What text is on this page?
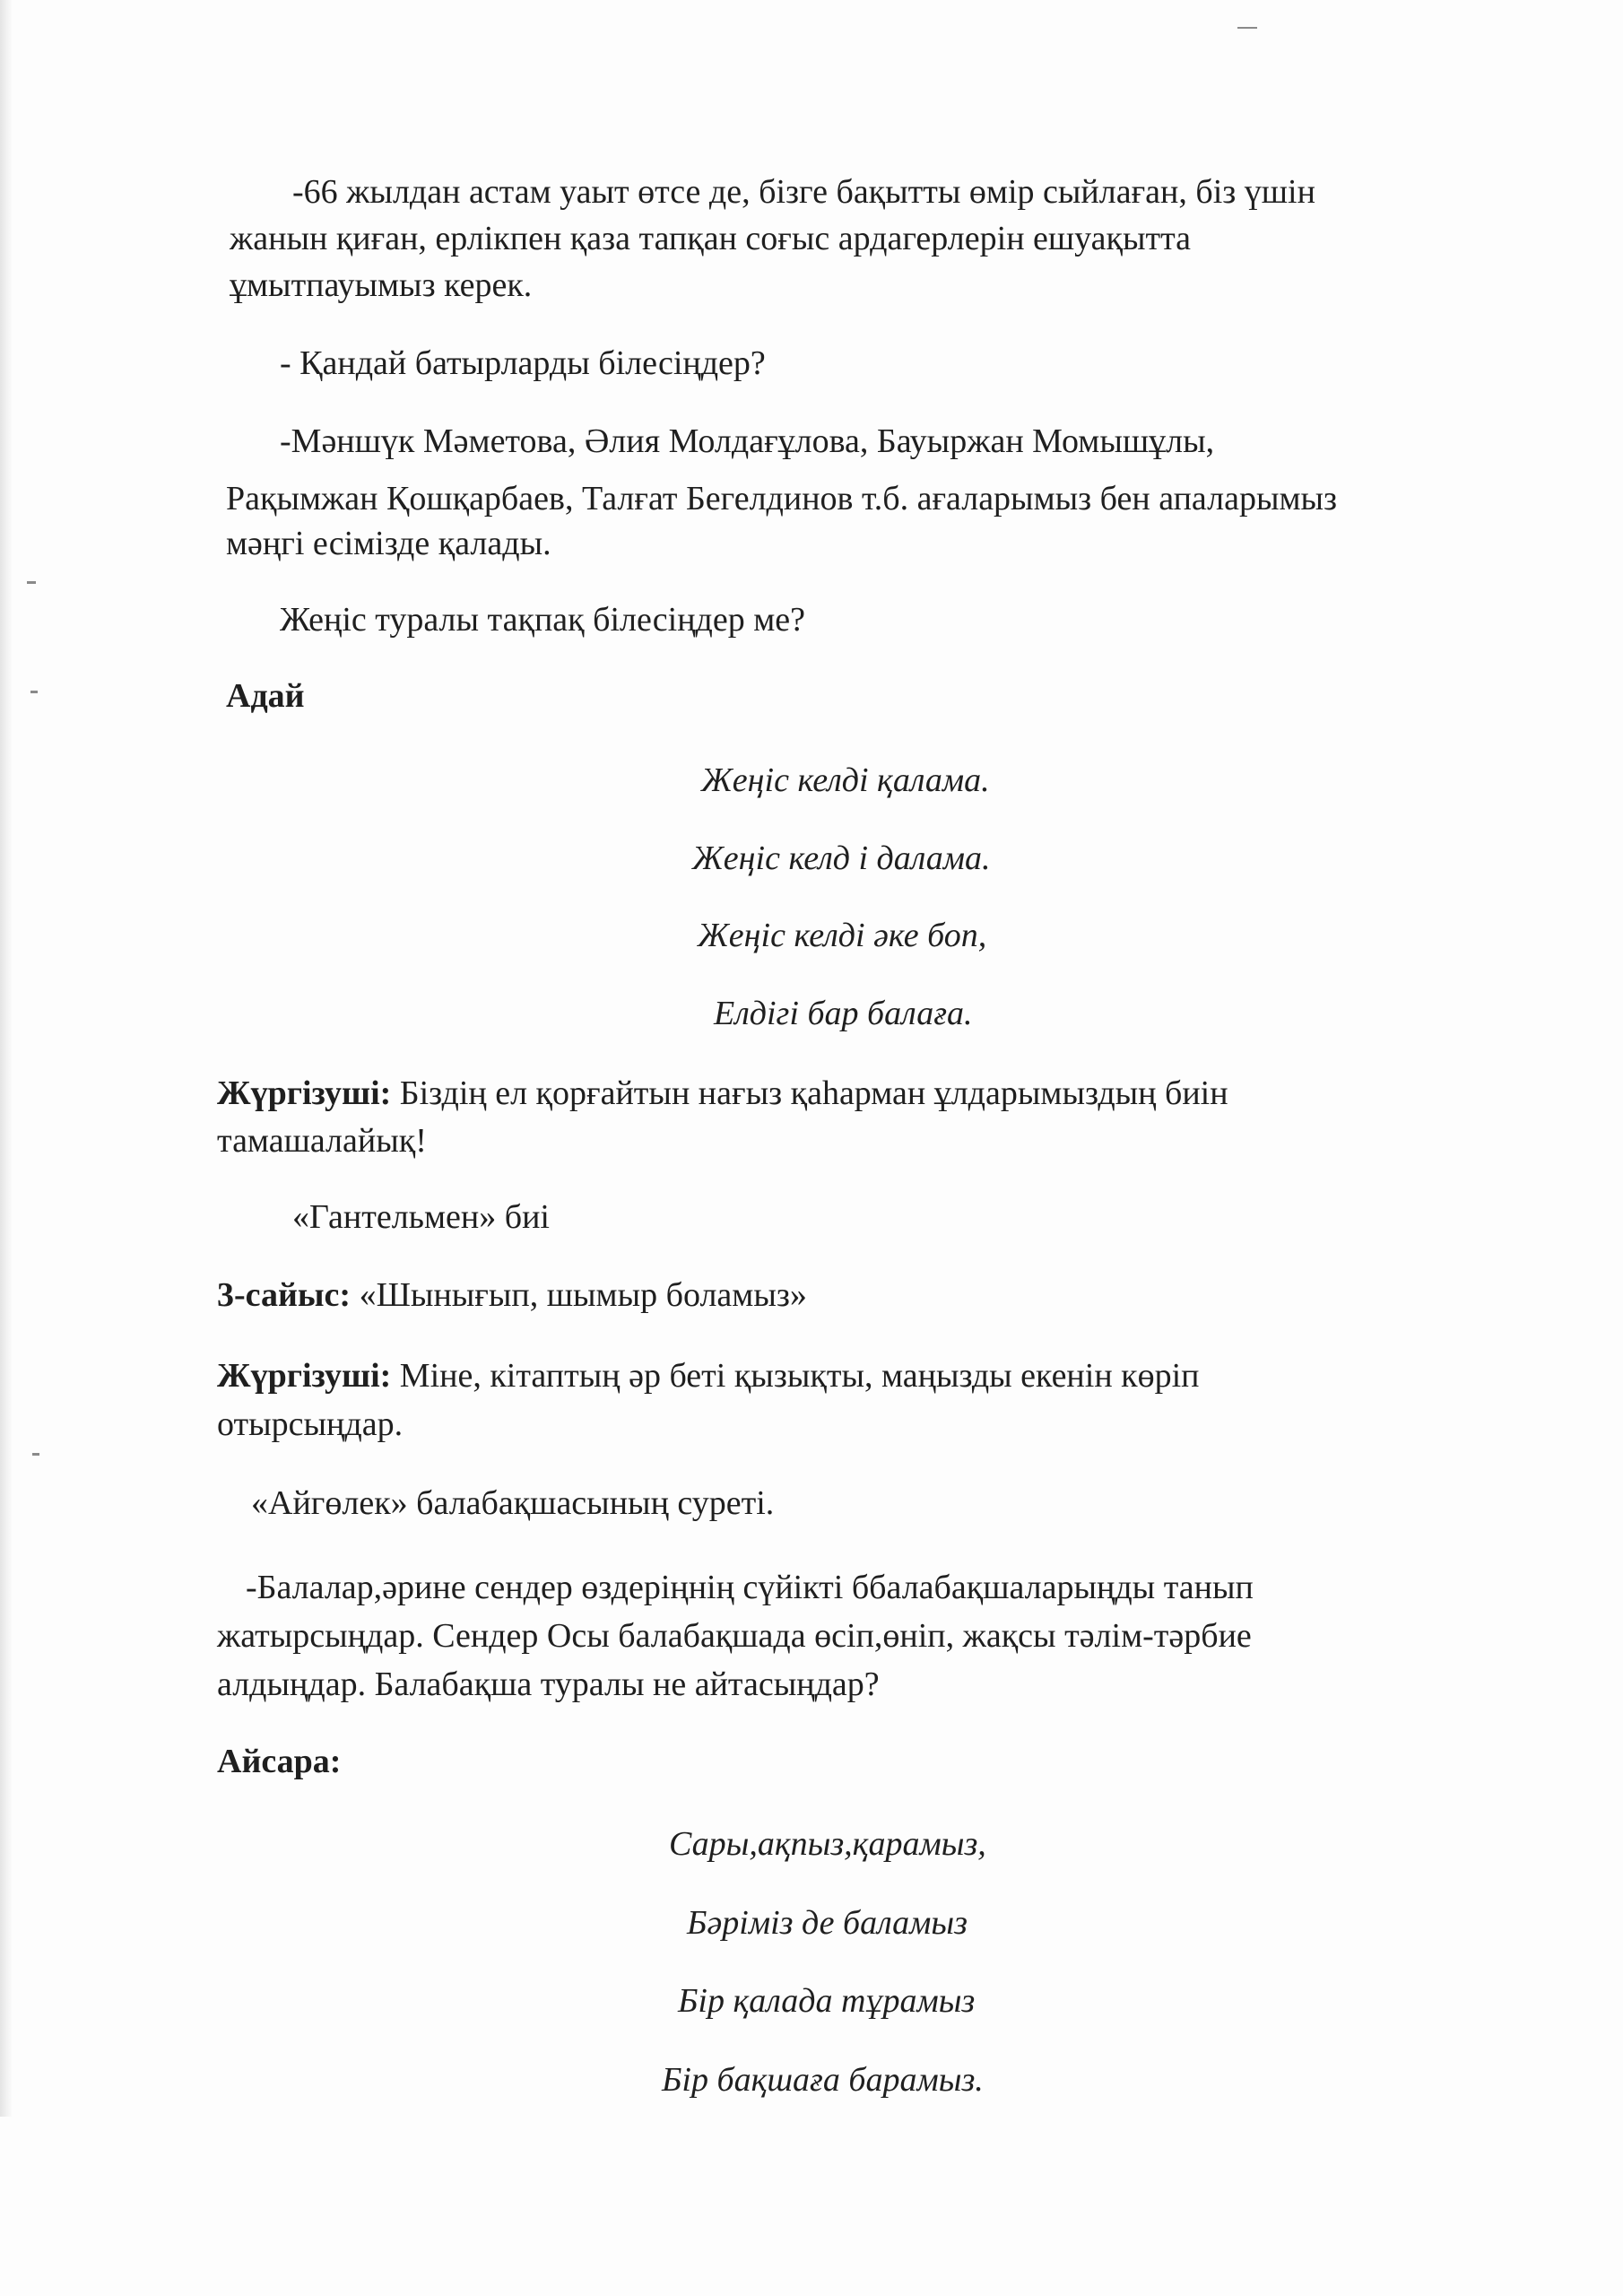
-66 жылдан астам уаыт өтсе де, бізге бақытты өмір сыйлаған, біз үшін
жанын қиған, ерлікпен қаза тапқан соғыс ардагерлерін ешуақытта
ұмытпауымыз керек.
- Қандай батырларды білесіңдер?
-Мәншүк Мәметова, Әлия Молдағұлова, Бауыржан Момышұлы,
Рақымжан Қошқарбаев, Талғат Бегелдинов т.б. ағаларымыз бен апаларымыз
мәңгі есімізде қалады.
Жеңіс туралы тақпақ білесіңдер ме?
Адай
Жеңіс келді қалама.
Жеңіс келд і далама.
Жеңіс келді әке боп,
Елдігі бар балаға.
Жүргізуші: Біздің ел қорғайтын нағыз қаһарман ұлдарымыздың биін
тамашалайық!
«Гантельмен» биі
3-сайыс: «Шынығып, шымыр боламыз»
Жүргізуші: Міне, кітаптың әр беті қызықты, маңызды екенін көріп
отырсыңдар.
«Айгөлек» балабақшасының суреті.
-Балалар,әрине сендер өздеріңнің сүйікті ббалабақшаларыңды танып
жатырсыңдар. Сендер Осы балабақшада өсіп,өніп, жақсы тәлім-тәрбие
алдыңдар. Балабақша туралы не айтасыңдар?
Айсара:
Сары,ақпыз,қарамыз,
Бәріміз де баламыз
Бір қалада тұрамыз
Бір бақшаға барамыз.
